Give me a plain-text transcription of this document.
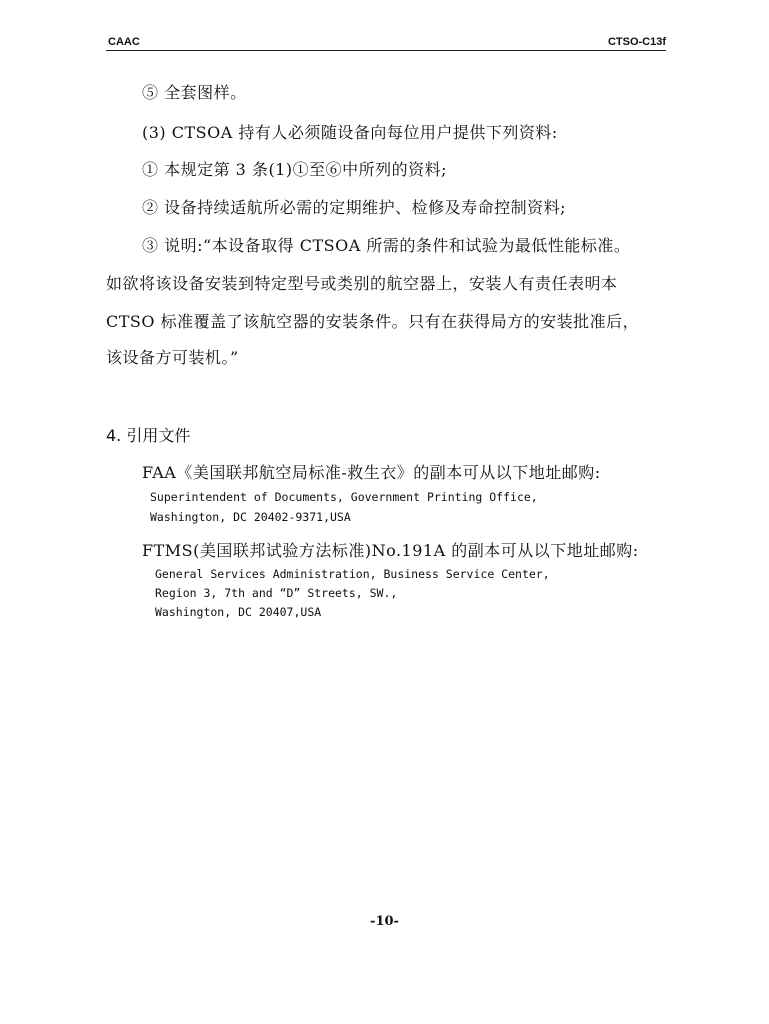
CAAC	CTSO-C13f
⑤ 全套图样。
(3) CTSOA 持有人必须随设备向每位用户提供下列资料:
① 本规定第 3 条(1)①至⑥中所列的资料;
② 设备持续适航所必需的定期维护、检修及寿命控制资料;
③ 说明:“本设备取得 CTSOA 所需的条件和试验为最低性能标准。
如欲将该设备安装到特定型号或类别的航空器上，安装人有责任表明本
CTSO 标准覆盖了该航空器的安装条件。只有在获得局方的安装批准后，
该设备方可装机。”
4. 引用文件
FAA《美国联邦航空局标准-救生衣》的副本可从以下地址邮购:
Superintendent of Documents, Government Printing Office,
Washington, DC 20402-9371,USA
FTMS(美国联邦试验方法标准)No.191A 的副本可从以下地址邮购:
General Services Administration, Business Service Center,
Region 3, 7th and “D” Streets, SW.,
Washington, DC 20407,USA
-10-
